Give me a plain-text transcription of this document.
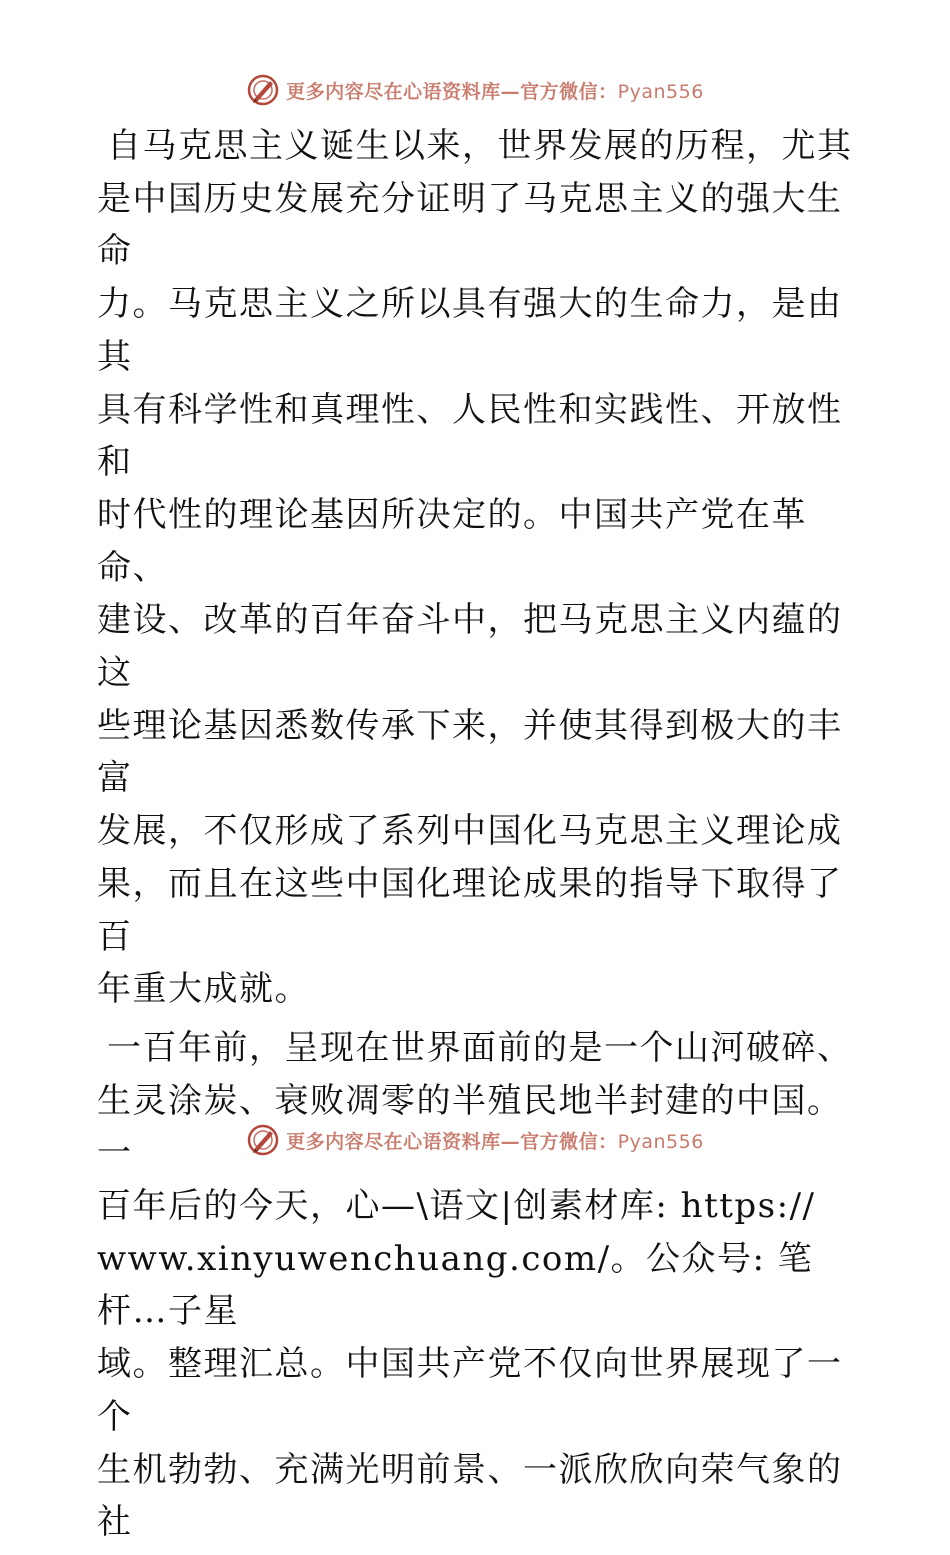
更多内容尽在心语资料库—官方微信：Pyan556
自马克思主义诞生以来，世界发展的历程，尤其
是中国历史发展充分证明了马克思主义的强大生命
力。马克思主义之所以具有强大的生命力，是由其
具有科学性和真理性、人民性和实践性、开放性和
时代性的理论基因所决定的。中国共产党在革命、
建设、改革的百年奋斗中，把马克思主义内蕴的这
些理论基因悉数传承下来，并使其得到极大的丰富
发展，不仅形成了系列中国化马克思主义理论成
果，而且在这些中国化理论成果的指导下取得了百
年重大成就。
一百年前，呈现在世界面前的是一个山河破碎、
生灵涂炭、衰败凋零的半殖民地半封建的中国。一
百年后的今天，心—\语文|创素材库: https://
www.xinyuwenchuang.com/。公众号: 笔杆…子星
域。整理汇总。中国共产党不仅向世界展现了一个
生机勃勃、充满光明前景、一派欣欣向荣气象的社
更多内容尽在心语资料库—官方微信：Pyan556
